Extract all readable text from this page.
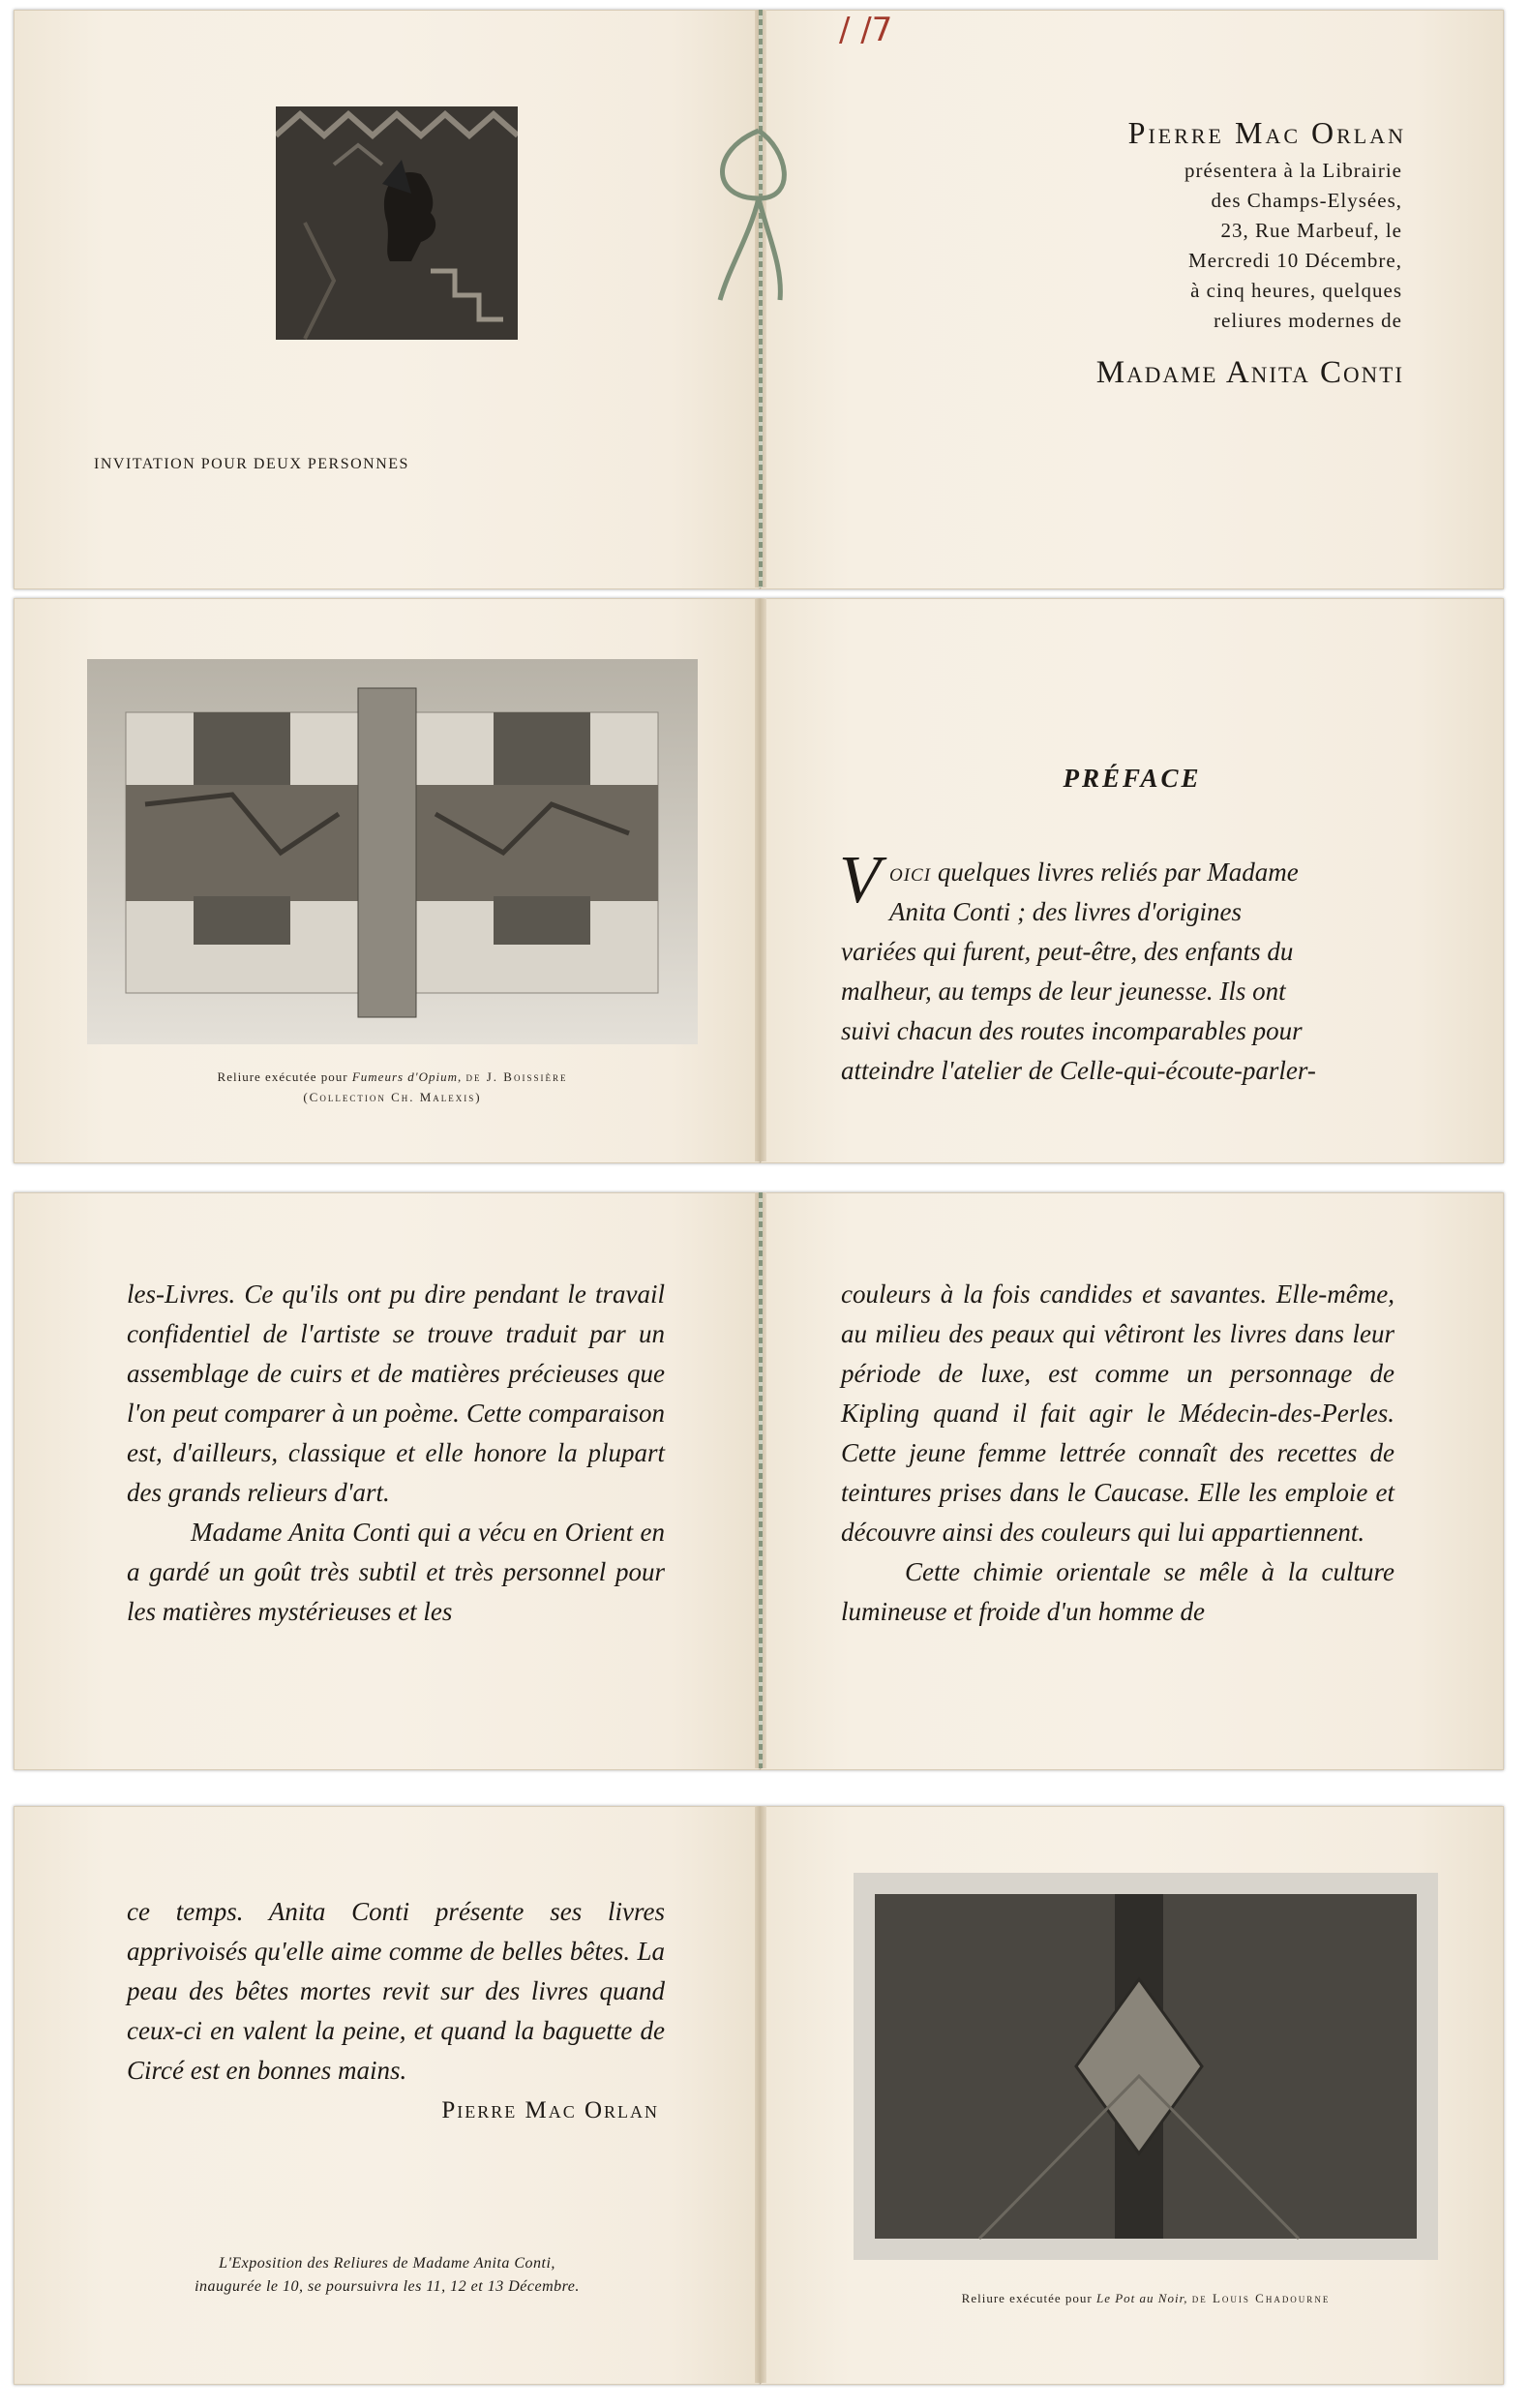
INVITATION POUR DEUX PERSONNES
/ /7
Pierre Mac Orlan
présentera à la Librairie
des Champs-Elysées,
23, Rue Marbeuf, le
Mercredi 10 Décembre,
à cinq heures, quelques
reliures modernes de
Madame Anita Conti
Reliure exécutée pour Fumeurs d'Opium, de J. Boissière
(Collection Ch. Malexis)
PRÉFACE
V oici quelques livres reliés par Madame
Anita Conti ; des livres d'origines
variées qui furent, peut-être, des enfants du
malheur, au temps de leur jeunesse. Ils ont
suivi chacun des routes incomparables pour
atteindre l'atelier de Celle-qui-écoute-parler-

les-Livres. Ce qu'ils ont pu dire pendant le travail confidentiel de l'artiste se trouve traduit par un assemblage de cuirs et de matières précieuses que l'on peut comparer à un poème. Cette comparaison est, d'ailleurs, classique et elle honore la plupart des grands relieurs d'art.

Madame Anita Conti qui a vécu en Orient en a gardé un goût très subtil et très personnel pour les matières mystérieuses et les

couleurs à la fois candides et savantes. Elle-même, au milieu des peaux qui vêtiront les livres dans leur période de luxe, est comme un personnage de Kipling quand il fait agir le Médecin-des-Perles. Cette jeune femme lettrée connaît des recettes de teintures prises dans le Caucase. Elle les emploie et découvre ainsi des couleurs qui lui appartiennent.

Cette chimie orientale se mêle à la culture lumineuse et froide d'un homme de

ce temps. Anita Conti présente ses livres apprivoisés qu'elle aime comme de belles bêtes. La peau des bêtes mortes revit sur des livres quand ceux-ci en valent la peine, et quand la baguette de Circé est en bonnes mains.

Pierre Mac Orlan
L'Exposition des Reliures de Madame Anita Conti,
inaugurée le 10, se poursuivra les 11, 12 et 13 Décembre.
Reliure exécutée pour Le Pot au Noir, de Louis Chadourne
